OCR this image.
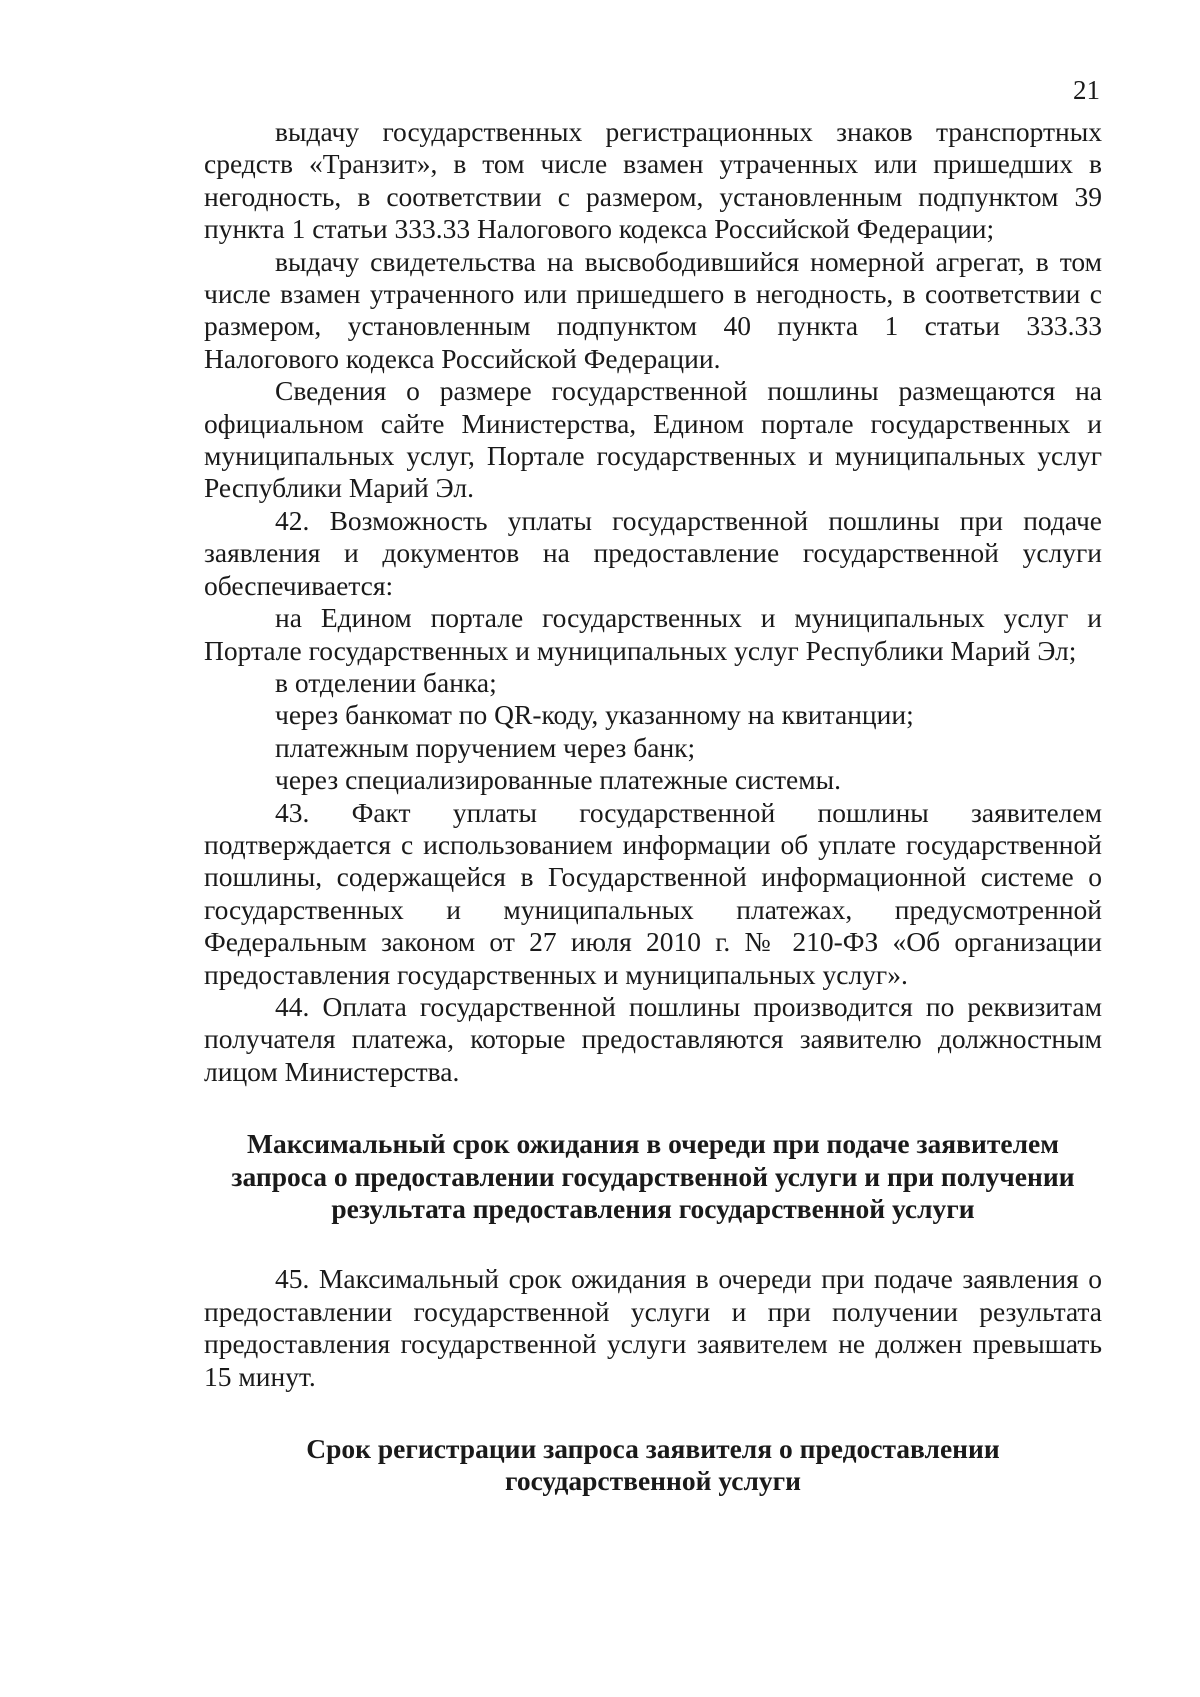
21

выдачу государственных регистрационных знаков транспортных средств «Транзит», в том числе взамен утраченных или пришедших в негодность, в соответствии с размером, установленным подпунктом 39 пункта 1 статьи 333.33 Налогового кодекса Российской Федерации;

выдачу свидетельства на высвободившийся номерной агрегат, в том числе взамен утраченного или пришедшего в негодность, в соответствии с размером, установленным подпунктом 40 пункта 1 статьи 333.33 Налогового кодекса Российской Федерации.

Сведения о размере государственной пошлины размещаются на официальном сайте Министерства, Едином портале государственных и муниципальных услуг, Портале государственных и муниципальных услуг Республики Марий Эл.

42. Возможность уплаты государственной пошлины при подаче заявления и документов на предоставление государственной услуги обеспечивается:

на Едином портале государственных и муниципальных услуг и Портале государственных и муниципальных услуг Республики Марий Эл;

в отделении банка;

через банкомат по QR-коду, указанному на квитанции;

платежным поручением через банк;

через специализированные платежные системы.

43. Факт уплаты государственной пошлины заявителем подтверждается с использованием информации об уплате государственной пошлины, содержащейся в Государственной информационной системе о государственных и муниципальных платежах, предусмотренной Федеральным законом от 27 июля 2010 г. № 210-ФЗ «Об организации предоставления государственных и муниципальных услуг».

44. Оплата государственной пошлины производится по реквизитам получателя платежа, которые предоставляются заявителю должностным лицом Министерства.

Максимальный срок ожидания в очереди при подаче заявителем запроса о предоставлении государственной услуги и при получении результата предоставления государственной услуги

45. Максимальный срок ожидания в очереди при подаче заявления о предоставлении государственной услуги и при получении результата предоставления государственной услуги заявителем не должен превышать 15 минут.

Срок регистрации запроса заявителя о предоставлении государственной услуги
